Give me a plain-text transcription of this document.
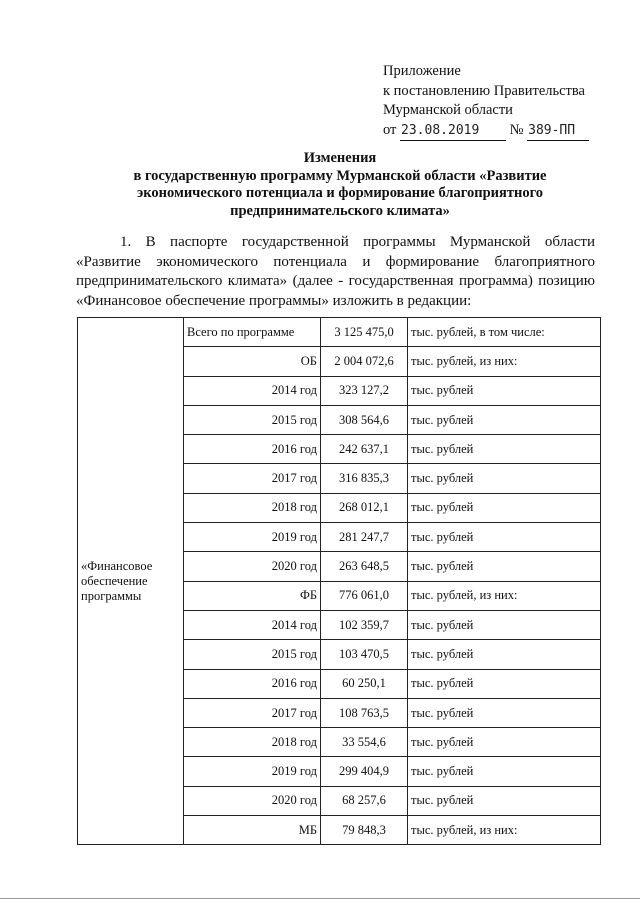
Приложение
к постановлению Правительства
Мурманской области
от 23.08.2019 № 389-ПП
Изменения
в государственную программу Мурманской области «Развитие
экономического потенциала и формирование благоприятного
предпринимательского климата»
1. В паспорте государственной программы Мурманской области «Развитие экономического потенциала и формирование благоприятного предпринимательского климата» (далее - государственная программа) позицию «Финансовое обеспечение программы» изложить в редакции:
«Финансовое обеспечение программы	Всего по программе	3 125 475,0	тыс. рублей, в том числе:
	ОБ	2 004 072,6	тыс. рублей, из них:
	2014 год	323 127,2	тыс. рублей
	2015 год	308 564,6	тыс. рублей
	2016 год	242 637,1	тыс. рублей
	2017 год	316 835,3	тыс. рублей
	2018 год	268 012,1	тыс. рублей
	2019 год	281 247,7	тыс. рублей
	2020 год	263 648,5	тыс. рублей
	ФБ	776 061,0	тыс. рублей, из них:
	2014 год	102 359,7	тыс. рублей
	2015 год	103 470,5	тыс. рублей
	2016 год	60 250,1	тыс. рублей
	2017 год	108 763,5	тыс. рублей
	2018 год	33 554,6	тыс. рублей
	2019 год	299 404,9	тыс. рублей
	2020 год	68 257,6	тыс. рублей
	МБ	79 848,3	тыс. рублей, из них:
